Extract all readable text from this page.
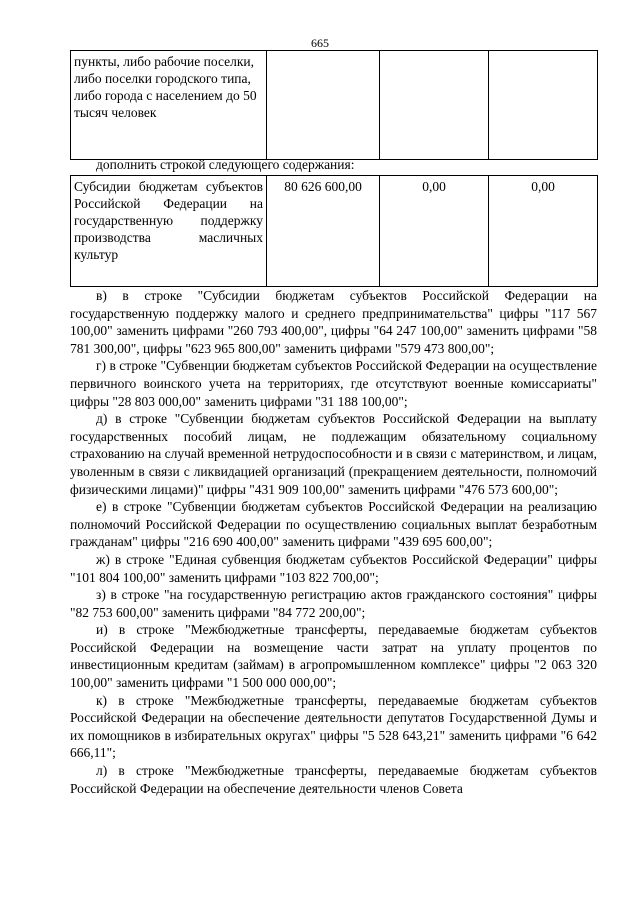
665
пункты, либо рабочие поселки, либо поселки городского типа, либо города с населением до 50 тысяч человек			
дополнить строкой следующего содержания:
Субсидии бюджетам субъектов Российской Федерации на государственную поддержку производства масличных культур	80 626 600,00	0,00	0,00

в) в строке "Субсидии бюджетам субъектов Российской Федерации на государственную поддержку малого и среднего предпринимательства" цифры "117 567 100,00" заменить цифрами "260 793 400,00", цифры "64 247 100,00" заменить цифрами "58 781 300,00", цифры "623 965 800,00" заменить цифрами "579 473 800,00";

г) в строке "Субвенции бюджетам субъектов Российской Федерации на осуществление первичного воинского учета на территориях, где отсутствуют военные комиссариаты" цифры "28 803 000,00" заменить цифрами "31 188 100,00";

д) в строке "Субвенции бюджетам субъектов Российской Федерации на выплату государственных пособий лицам, не подлежащим обязательному социальному страхованию на случай временной нетрудоспособности и в связи с материнством, и лицам, уволенным в связи с ликвидацией организаций (прекращением деятельности, полномочий физическими лицами)" цифры "431 909 100,00" заменить цифрами "476 573 600,00";

е) в строке "Субвенции бюджетам субъектов Российской Федерации на реализацию полномочий Российской Федерации по осуществлению социальных выплат безработным гражданам" цифры "216 690 400,00" заменить цифрами "439 695 600,00";

ж) в строке "Единая субвенция бюджетам субъектов Российской Федерации" цифры "101 804 100,00" заменить цифрами "103 822 700,00";

з) в строке "на государственную регистрацию актов гражданского состояния" цифры "82 753 600,00" заменить цифрами "84 772 200,00";

и) в строке "Межбюджетные трансферты, передаваемые бюджетам субъектов Российской Федерации на возмещение части затрат на уплату процентов по инвестиционным кредитам (займам) в агропромышленном комплексе" цифры "2 063 320 100,00" заменить цифрами "1 500 000 000,00";

к) в строке "Межбюджетные трансферты, передаваемые бюджетам субъектов Российской Федерации на обеспечение деятельности депутатов Государственной Думы и их помощников в избирательных округах" цифры "5 528 643,21" заменить цифрами "6 642 666,11";

л) в строке "Межбюджетные трансферты, передаваемые бюджетам субъектов Российской Федерации на обеспечение деятельности членов Совета
